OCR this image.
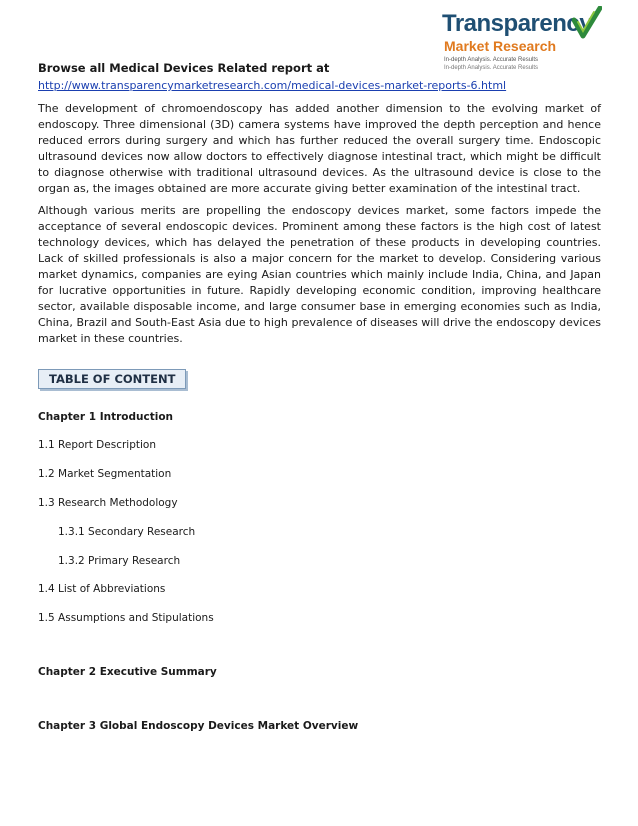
Transparency
Market Research
In-depth Analysis. Accurate Results
In-depth Analysis. Accurate Results
Browse all Medical Devices Related report at
http://www.transparencymarketresearch.com/medical-devices-market-reports-6.html

The development of chromoendoscopy has added another dimension to the evolving market of endoscopy. Three dimensional (3D) camera systems have improved the depth perception and hence reduced errors during surgery and which has further reduced the overall surgery time. Endoscopic ultrasound devices now allow doctors to effectively diagnose intestinal tract, which might be difficult to diagnose otherwise with traditional ultrasound devices. As the ultrasound device is close to the organ as, the images obtained are more accurate giving better examination of the intestinal tract.

Although various merits are propelling the endoscopy devices market, some factors impede the acceptance of several endoscopic devices. Prominent among these factors is the high cost of latest technology devices, which has delayed the penetration of these products in developing countries. Lack of skilled professionals is also a major concern for the market to develop. Considering various market dynamics, companies are eying Asian countries which mainly include India, China, and Japan for lucrative opportunities in future. Rapidly developing economic condition, improving healthcare sector, available disposable income, and large consumer base in emerging economies such as India, China, Brazil and South-East Asia due to high prevalence of diseases will drive the endoscopy devices market in these countries.

TABLE OF CONTENT
Chapter 1 Introduction
1.1 Report Description
1.2 Market Segmentation
1.3 Research Methodology
1.3.1 Secondary Research
1.3.2 Primary Research
1.4 List of Abbreviations
1.5 Assumptions and Stipulations
Chapter 2 Executive Summary
Chapter 3 Global Endoscopy Devices Market Overview
